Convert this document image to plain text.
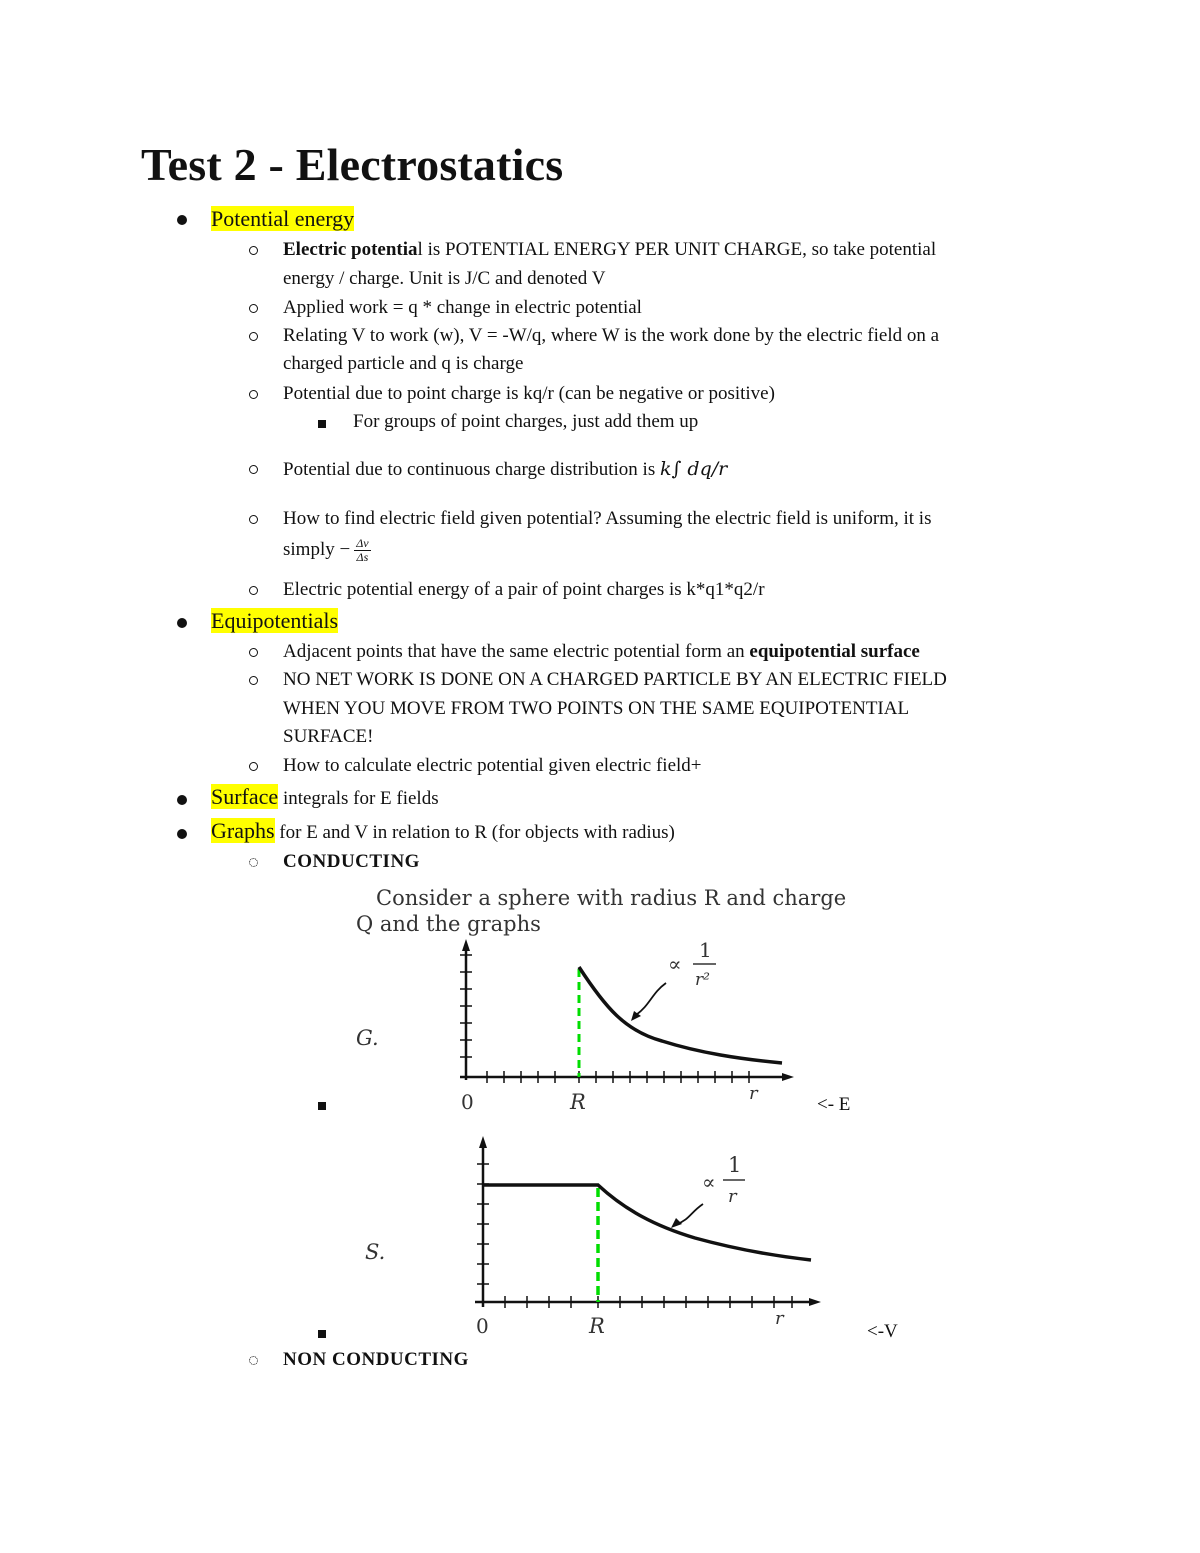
Test 2 - Electrostatics
Potential energy
Electric potential is POTENTIAL ENERGY PER UNIT CHARGE, so take potential
energy / charge. Unit is J/C and denoted V
Applied work = q * change in electric potential
Relating V to work (w), V = -W/q, where W is the work done by the electric field on a
charged particle and q is charge
Potential due to point charge is kq/r (can be negative or positive)
For groups of point charges, just add them up
Potential due to continuous charge distribution is k∫ dq/r
How to find electric field given potential? Assuming the electric field is uniform, it is
simply − $\frac{\Delta v}{\Delta s}$
Electric potential energy of a pair of point charges is k*q1*q2/r
Equipotentials
Adjacent points that have the same electric potential form an equipotential surface
NO NET WORK IS DONE ON A CHARGED PARTICLE BY AN ELECTRIC FIELD
WHEN YOU MOVE FROM TWO POINTS ON THE SAME EQUIPOTENTIAL
SURFACE!
How to calculate electric potential given electric field+
Surface integrals for E fields
Graphs for E and V in relation to R (for objects with radius)
CONDUCTING
Consider a sphere with radius R and charge
Q and the graphs
G.
∝
1
r²
0	R	r
<- E
S.
∝
1
r
0	R	r
<-V
NON CONDUCTING
